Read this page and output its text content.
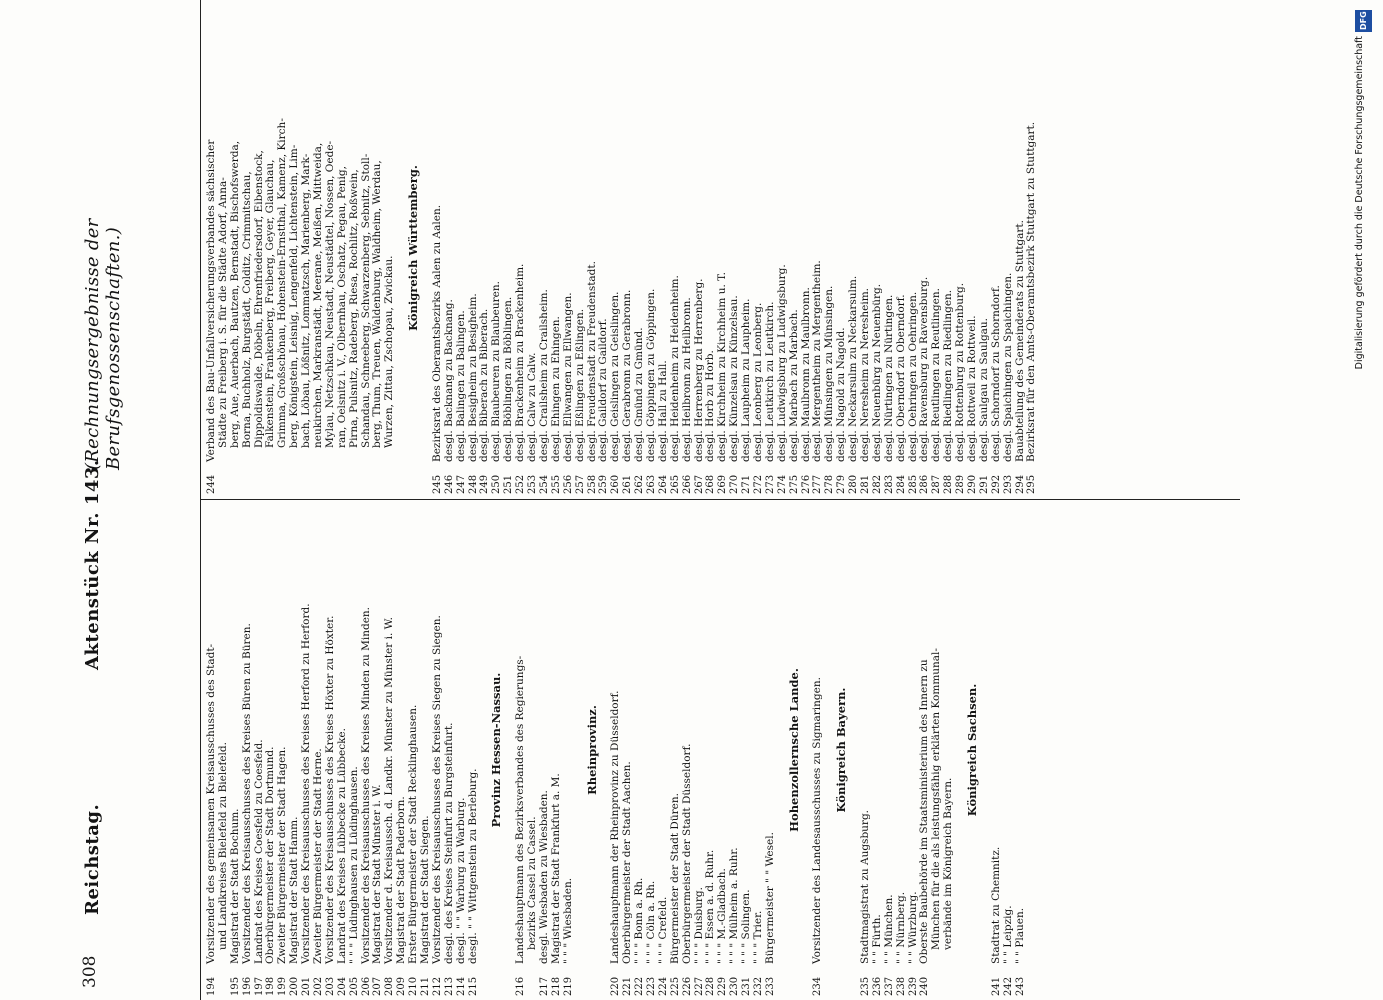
308
Reichstag.
Aktenstück Nr. 143.
(Rechnungsergebnisse der Berufsgenossenschaften.)
194
Vorsitzender des gemeinsamen Kreisausschusses des Stadt- und Landkreises Bielefeld zu Bielefeld.
195
Magistrat der Stadt Bochum.
196
Vorsitzender des Kreisausschusses des Kreises Büren zu Büren.
197
Landrat des Kreises Coesfeld zu Coesfeld.
198
Oberbürgermeister der Stadt Dortmund.
199
Zweiter Bürgermeister der Stadt Hagen.
200
Magistrat der Stadt Hamm.
201
Vorsitzender des Kreisausschusses des Kreises Herford zu Herford.
202
Zweiter Bürgermeister der Stadt Herne.
203
Vorsitzender des Kreisausschusses des Kreises Höxter zu Höxter.
204
Landrat des Kreises Lübbecke zu Lübbecke.
205
" " " Lüdinghausen zu Lüdinghausen.
206
Vorsitzender des Kreisausschusses des Kreises Minden zu Minden.
207
Magistrat der Stadt Münster i. W.
208
Vorsitzender d. Kreisaussch. d. Landkr. Münster zu Münster i. W.
209
Magistrat der Stadt Paderborn.
210
Erster Bürgermeister der Stadt Recklinghausen.
211
Magistrat der Stadt Siegen.
212
Vorsitzender des Kreisausschusses des Kreises Siegen zu Siegen.
213
desgl. des Kreises Steinfurt zu Burgsteinfurt.
214
desgl. " " Warburg zu Warburg.
215
desgl. " " Wittgenstein zu Berleburg.
Provinz Hessen-Nassau.
216
Landeshauptmann des Bezirksverbandes des Regierungs- bezirks Cassel zu Cassel.
217
desgl. Wiesbaden zu Wiesbaden.
218
Magistrat der Stadt Frankfurt a. M.
219
" " " Wiesbaden.
Rheinprovinz.
220
Landeshauptmann der Rheinprovinz zu Düsseldorf.
221
Oberbürgermeister der Stadt Aachen.
222
" " " Bonn a. Rh.
223
" " " Cöln a. Rh.
224
" " " Crefeld.
225
Bürgermeister der Stadt Düren.
226
Oberbürgermeister der Stadt Düsseldorf.
227
" " " Duisburg.
228
" " " Essen a. d. Ruhr.
229
" " " M.-Gladbach.
230
" " " Mülheim a. Ruhr.
231
" " " Solingen.
232
" " " Trier.
233
Bürgermeister " " Wesel.
Hohenzollernsche Lande.
234
Vorsitzender des Landesausschusses zu Sigmaringen. Königreich Bayern.
235
Stadtmagistrat zu Augsburg.
236
" " Fürth.
237
" " München.
238
" " Nürnberg.
239
" " Würzburg.
240
Oberste Baubehörde im Staatsministerium des Innern zu München für die als leistungsfähig erklärten Kommunal- verbände im Königreich Bayern.
Königreich Sachsen.
241
Stadtrat zu Chemnitz.
242
" " Leipzig.
243
" " Plauen.
244
Verband des Bau-Unfallversicherungsverbandes sächsischer Städte zu Freiberg i. S. für die Städte Adorf, Anna- berg, Aue, Auerbach, Bautzen, Bernstadt, Bischofswerda, Borna, Buchholz, Burgstädt, Colditz, Crimmitschau, Dippoldiswalde, Döbeln, Ehrenfriedersdorf, Eibenstock, Falkenstein, Frankenberg, Freiberg, Geyer, Glauchau, Grimma, Großschönau, Hohenstein-Ernstthal, Kamenz, Kirch- berg, Königstein, Leisnig, Lengenfeld, Lichtenstein, Lim- bach, Löbau, Lößnitz, Lommatzsch, Marienberg, Mark- neukirchen, Markranstädt, Meerane, Meißen, Mittweida, Mylau, Netzschkau, Neustadt, Neustädtel, Nossen, Oede- ran, Oelsnitz i. V., Olbernhau, Oschatz, Pegau, Penig, Pirna, Pulsnitz, Radeberg, Riesa, Rochlitz, Roßwein, Schandau, Schneeberg, Schwarzenberg, Sebnitz, Stoll- berg, Thum, Treuen, Waldenburg, Waldheim, Werdau, Wurzen, Zittau, Zschopau, Zwickau.
Königreich Württemberg.
245
Bezirksrat des Oberamtsbezirks Aalen zu Aalen.
246
desgl. Backnang zu Backnang.
247
desgl. Balingen zu Balingen.
248
desgl. Besigheim zu Besigheim.
249
desgl. Biberach zu Biberach.
250
desgl. Blaubeuren zu Blaubeuren.
251
desgl. Böblingen zu Böblingen.
252
desgl. Brackenheim zu Brackenheim.
253
desgl. Calw zu Calw.
254
desgl. Crailsheim zu Crailsheim.
255
desgl. Ehingen zu Ehingen.
256
desgl. Ellwangen zu Ellwangen.
257
desgl. Eßlingen zu Eßlingen.
258
desgl. Freudenstadt zu Freudenstadt.
259
desgl. Gaildorf zu Gaildorf.
260
desgl. Geislingen zu Geislingen.
261
desgl. Gerabronn zu Gerabronn.
262
desgl. Gmünd zu Gmünd.
263
desgl. Göppingen zu Göppingen.
264
desgl. Hall zu Hall.
265
desgl. Heidenheim zu Heidenheim.
266
desgl. Heilbronn zu Heilbronn.
267
desgl. Herrenberg zu Herrenberg.
268
desgl. Horb zu Horb.
269
desgl. Kirchheim zu Kirchheim u. T.
270
desgl. Künzelsau zu Künzelsau.
271
desgl. Laupheim zu Laupheim.
272
desgl. Leonberg zu Leonberg.
273
desgl. Leutkirch zu Leutkirch.
274
desgl. Ludwigsburg zu Ludwigsburg.
275
desgl. Marbach zu Marbach.
276
desgl. Maulbronn zu Maulbronn.
277
desgl. Mergentheim zu Mergentheim.
278
desgl. Münsingen zu Münsingen.
279
desgl. Nagold zu Nagold.
280
desgl. Neckarsulm zu Neckarsulm.
281
desgl. Neresheim zu Neresheim.
282
desgl. Neuenbürg zu Neuenbürg.
283
desgl. Nürtingen zu Nürtingen.
284
desgl. Oberndorf zu Oberndorf.
285
desgl. Oehringen zu Oehringen.
286
desgl. Ravensburg zu Ravensburg.
287
desgl. Reutlingen zu Reutlingen.
288
desgl. Riedlingen zu Riedlingen.
289
desgl. Rottenburg zu Rottenburg.
290
desgl. Rottweil zu Rottweil.
291
desgl. Saulgau zu Saulgau.
292
desgl. Schorndorf zu Schorndorf.
293
desgl. Spaichingen zu Spaichingen.
294
Bauabteilung des Gemeinderats zu Stuttgart.
295
Bezirksrat für den Amts-Oberamtsbezirk Stuttgart zu Stuttgart.
DFG
Digitalisierung gefördert durch die Deutsche Forschungsgemeinschaft
